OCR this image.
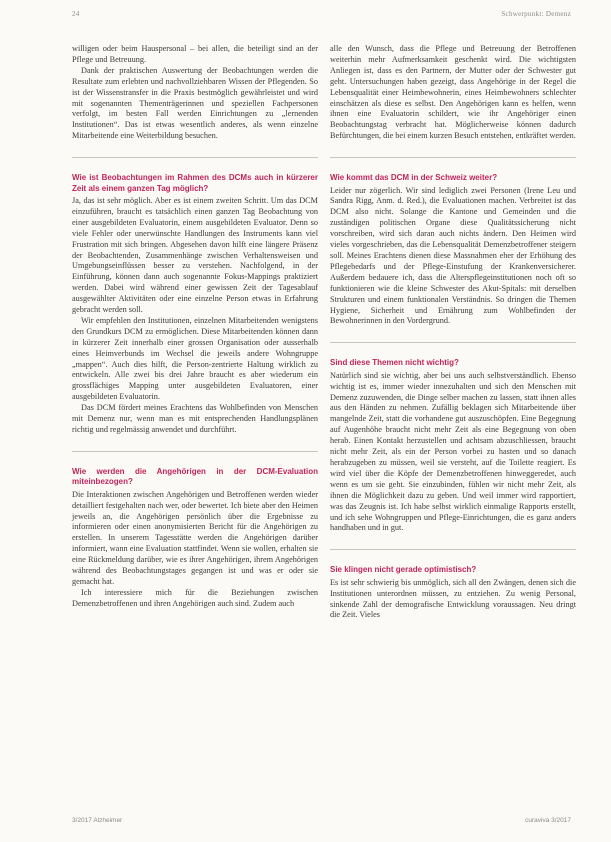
24	Schwerpunkt: Demenz

willigen oder beim Hauspersonal – bei allen, die beteiligt sind an der Pflege und Betreuung.

Dank der praktischen Auswertung der Beobachtungen werden die Resultate zum erlebten und nachvollziehbaren Wissen der Pflegenden. So ist der Wissenstransfer in die Praxis bestmöglich gewährleistet und wird mit sogenannten Thementrägerinnen und speziellen Fachpersonen verfolgt, im besten Fall werden Einrichtungen zu „lernenden Institutionen“. Das ist etwas wesentlich anderes, als wenn einzelne Mitarbeitende eine Weiterbildung besuchen.

Wie ist Beobachtungen im Rahmen des DCMs auch in kürzerer Zeit als einem ganzen Tag möglich?

Ja, das ist sehr möglich. Aber es ist einem zweiten Schritt. Um das DCM einzuführen, braucht es tatsächlich einen ganzen Tag Beobachtung von einer ausgebildeten Evaluatorin, einem ausgebildeten Evaluator. Denn so viele Fehler oder unerwünschte Handlungen des Instruments kann viel Frustration mit sich bringen. Abgesehen davon hilft eine längere Präsenz der Beobachtenden, Zusammenhänge zwischen Verhaltensweisen und Umgebungseinflüssen besser zu verstehen. Nachfolgend, in der Einführung, können dann auch sogenannte Fokus-Mappings praktiziert werden. Dabei wird während einer gewissen Zeit der Tagesablauf ausgewählter Aktivitäten oder eine einzelne Person etwas in Erfahrung gebracht werden soll.

Wir empfehlen den Institutionen, einzelnen Mitarbeitenden wenigstens den Grundkurs DCM zu ermöglichen. Diese Mitarbeitenden können dann in kürzerer Zeit innerhalb einer grossen Organisation oder ausserhalb eines Heimverbunds im Wechsel die jeweils andere Wohngruppe „mappen“. Auch dies hilft, die Person-zentrierte Haltung wirklich zu entwickeln. Alle zwei bis drei Jahre braucht es aber wiederum ein grossflächiges Mapping unter ausgebildeten Evaluatoren, einer ausgebildeten Evaluatorin.

Das DCM fördert meines Erachtens das Wohlbefinden von Menschen mit Demenz nur, wenn man es mit entsprechenden Handlungsplänen richtig und regelmässig anwendet und durchführt.

Wie werden die Angehörigen in der DCM-Evaluation miteinbezogen?

Die Interaktionen zwischen Angehörigen und Betroffenen werden wieder detailliert festgehalten nach wer, oder bewertet. Ich biete aber den Heimen jeweils an, die Angehörigen persönlich über die Ergebnisse zu informieren oder einen anonymisierten Bericht für die Angehörigen zu erstellen. In unserem Tagesstätte werden die Angehörigen darüber informiert, wann eine Evaluation stattfindet. Wenn sie wollen, erhalten sie eine Rückmeldung darüber, wie es ihrer Angehörigen, ihrem Angehörigen während des Beobachtungstages gegangen ist und was er oder sie gemacht hat.

Ich interessiere mich für die Beziehungen zwischen Demenzbetroffenen und ihren Angehörigen auch sind. Zudem auch

alle den Wunsch, dass die Pflege und Betreuung der Betroffenen weiterhin mehr Aufmerksamkeit geschenkt wird. Die wichtigsten Anliegen ist, dass es den Partnern, der Mutter oder der Schwester gut geht. Untersuchungen haben gezeigt, dass Angehörige in der Regel die Lebensqualität einer Heimbewohnerin, eines Heimbewohners schlechter einschätzen als diese es selbst. Den Angehörigen kann es helfen, wenn ihnen eine Evaluatorin schildert, wie ihr Angehöriger einen Beobachtungstag verbracht hat. Möglicherweise können dadurch Befürchtungen, die bei einem kurzen Besuch entstehen, entkräftet werden.

Wie kommt das DCM in der Schweiz weiter?

Leider nur zögerlich. Wir sind lediglich zwei Personen (Irene Leu und Sandra Rigg, Anm. d. Red.), die Evaluationen machen. Verbreitet ist das DCM also nicht. Solange die Kantone und Gemeinden und die zuständigen politischen Organe diese Qualitätssicherung nicht vorschreiben, wird sich daran auch nichts ändern. Den Heimen wird vieles vorgeschrieben, das die Lebensqualität Demenzbetroffener steigern soll. Meines Erachtens dienen diese Massnahmen eher der Erhöhung des Pflegebedarfs und der Pflege-Einstufung der Krankenversicherer. Außerdem bedauere ich, dass die Alterspflegeinstitutionen noch oft so funktionieren wie die kleine Schwester des Akut-Spitals: mit derselben Strukturen und einem funktionalen Verständnis. So dringen die Themen Hygiene, Sicherheit und Ernährung zum Wohlbefinden der Bewohnerinnen in den Vordergrund.

Sind diese Themen nicht wichtig?

Natürlich sind sie wichtig, aber bei uns auch selbstverständlich. Ebenso wichtig ist es, immer wieder innezuhalten und sich den Menschen mit Demenz zuzuwenden, die Dinge selber machen zu lassen, statt ihnen alles aus den Händen zu nehmen. Zufällig beklagen sich Mitarbeitende über mangelnde Zeit, statt die vorhandene gut auszuschöpfen. Eine Begegnung auf Augenhöhe braucht nicht mehr Zeit als eine Begegnung von oben herab. Einen Kontakt herzustellen und achtsam abzuschliessen, braucht nicht mehr Zeit, als ein der Person vorbei zu hasten und so danach herabzugeben zu müssen, weil sie versteht, auf die Toilette reagiert. Es wird viel über die Köpfe der Demenzbetroffenen hinweggeredet, auch wenn es um sie geht. Sie einzubinden, fühlen wir nicht mehr Zeit, als ihnen die Möglichkeit dazu zu geben. Und weil immer wird rapportiert, was das Zeugnis ist. Ich habe selbst wirklich einmalige Rapports erstellt, und ich sehe Wohngruppen und Pflege-Einrichtungen, die es ganz anders handhaben und in gut.

Sie klingen nicht gerade optimistisch?

Es ist sehr schwierig bis unmöglich, sich all den Zwängen, denen sich die Institutionen unterordnen müssen, zu entziehen. Zu wenig Personal, sinkende Zahl der demografische Entwicklung voraussagen. Neu dringt die Zeit. Vieles

3/2017 Alzheimer	curaviva 3/2017
